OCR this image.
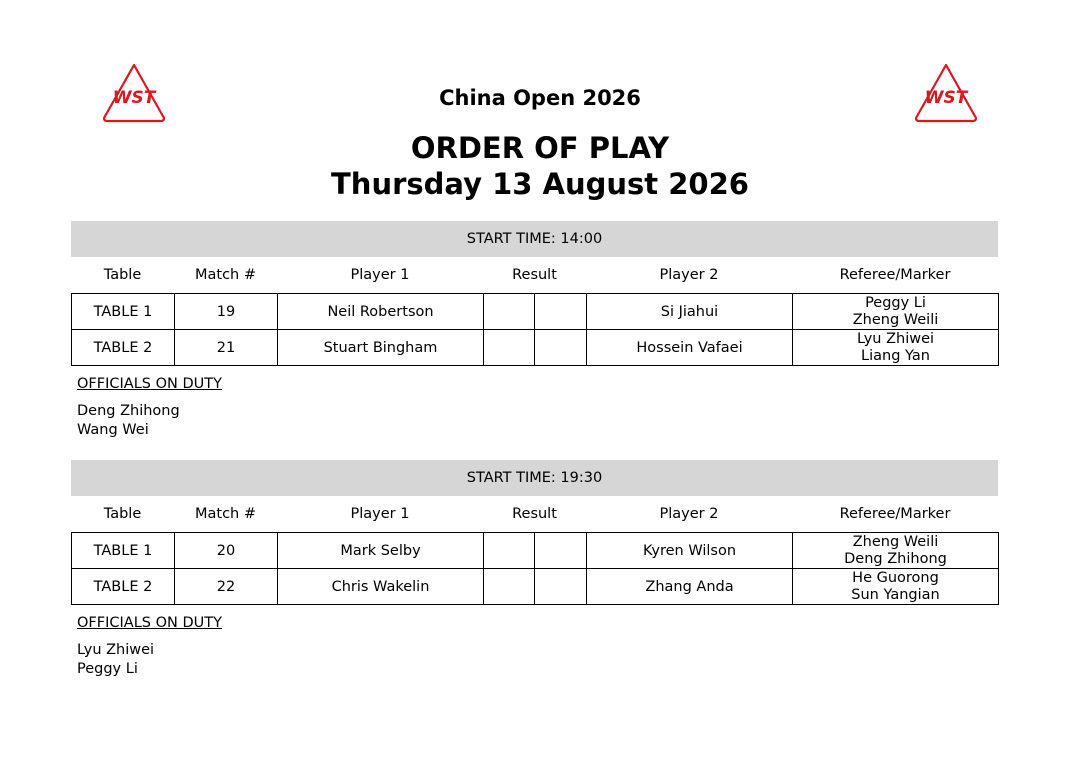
WST	WST
China Open 2026
ORDER OF PLAY
Thursday 13 August 2026
START TIME: 14:00
Table	Match #	Player 1	Result	Player 2	Referee/Marker
TABLE 1	19	Neil Robertson			Si Jiahui	Peggy Li
Zheng Weili

TABLE 2	21	Stuart Bingham			Hossein Vafaei	Lyu Zhiwei
Liang Yan
OFFICIALS ON DUTY
Deng Zhihong
Wang Wei
START TIME: 19:30
Table	Match #	Player 1	Result	Player 2	Referee/Marker
TABLE 1	20	Mark Selby			Kyren Wilson	Zheng Weili
Deng Zhihong

TABLE 2	22	Chris Wakelin			Zhang Anda	He Guorong
Sun Yangian
OFFICIALS ON DUTY
Lyu Zhiwei
Peggy Li
